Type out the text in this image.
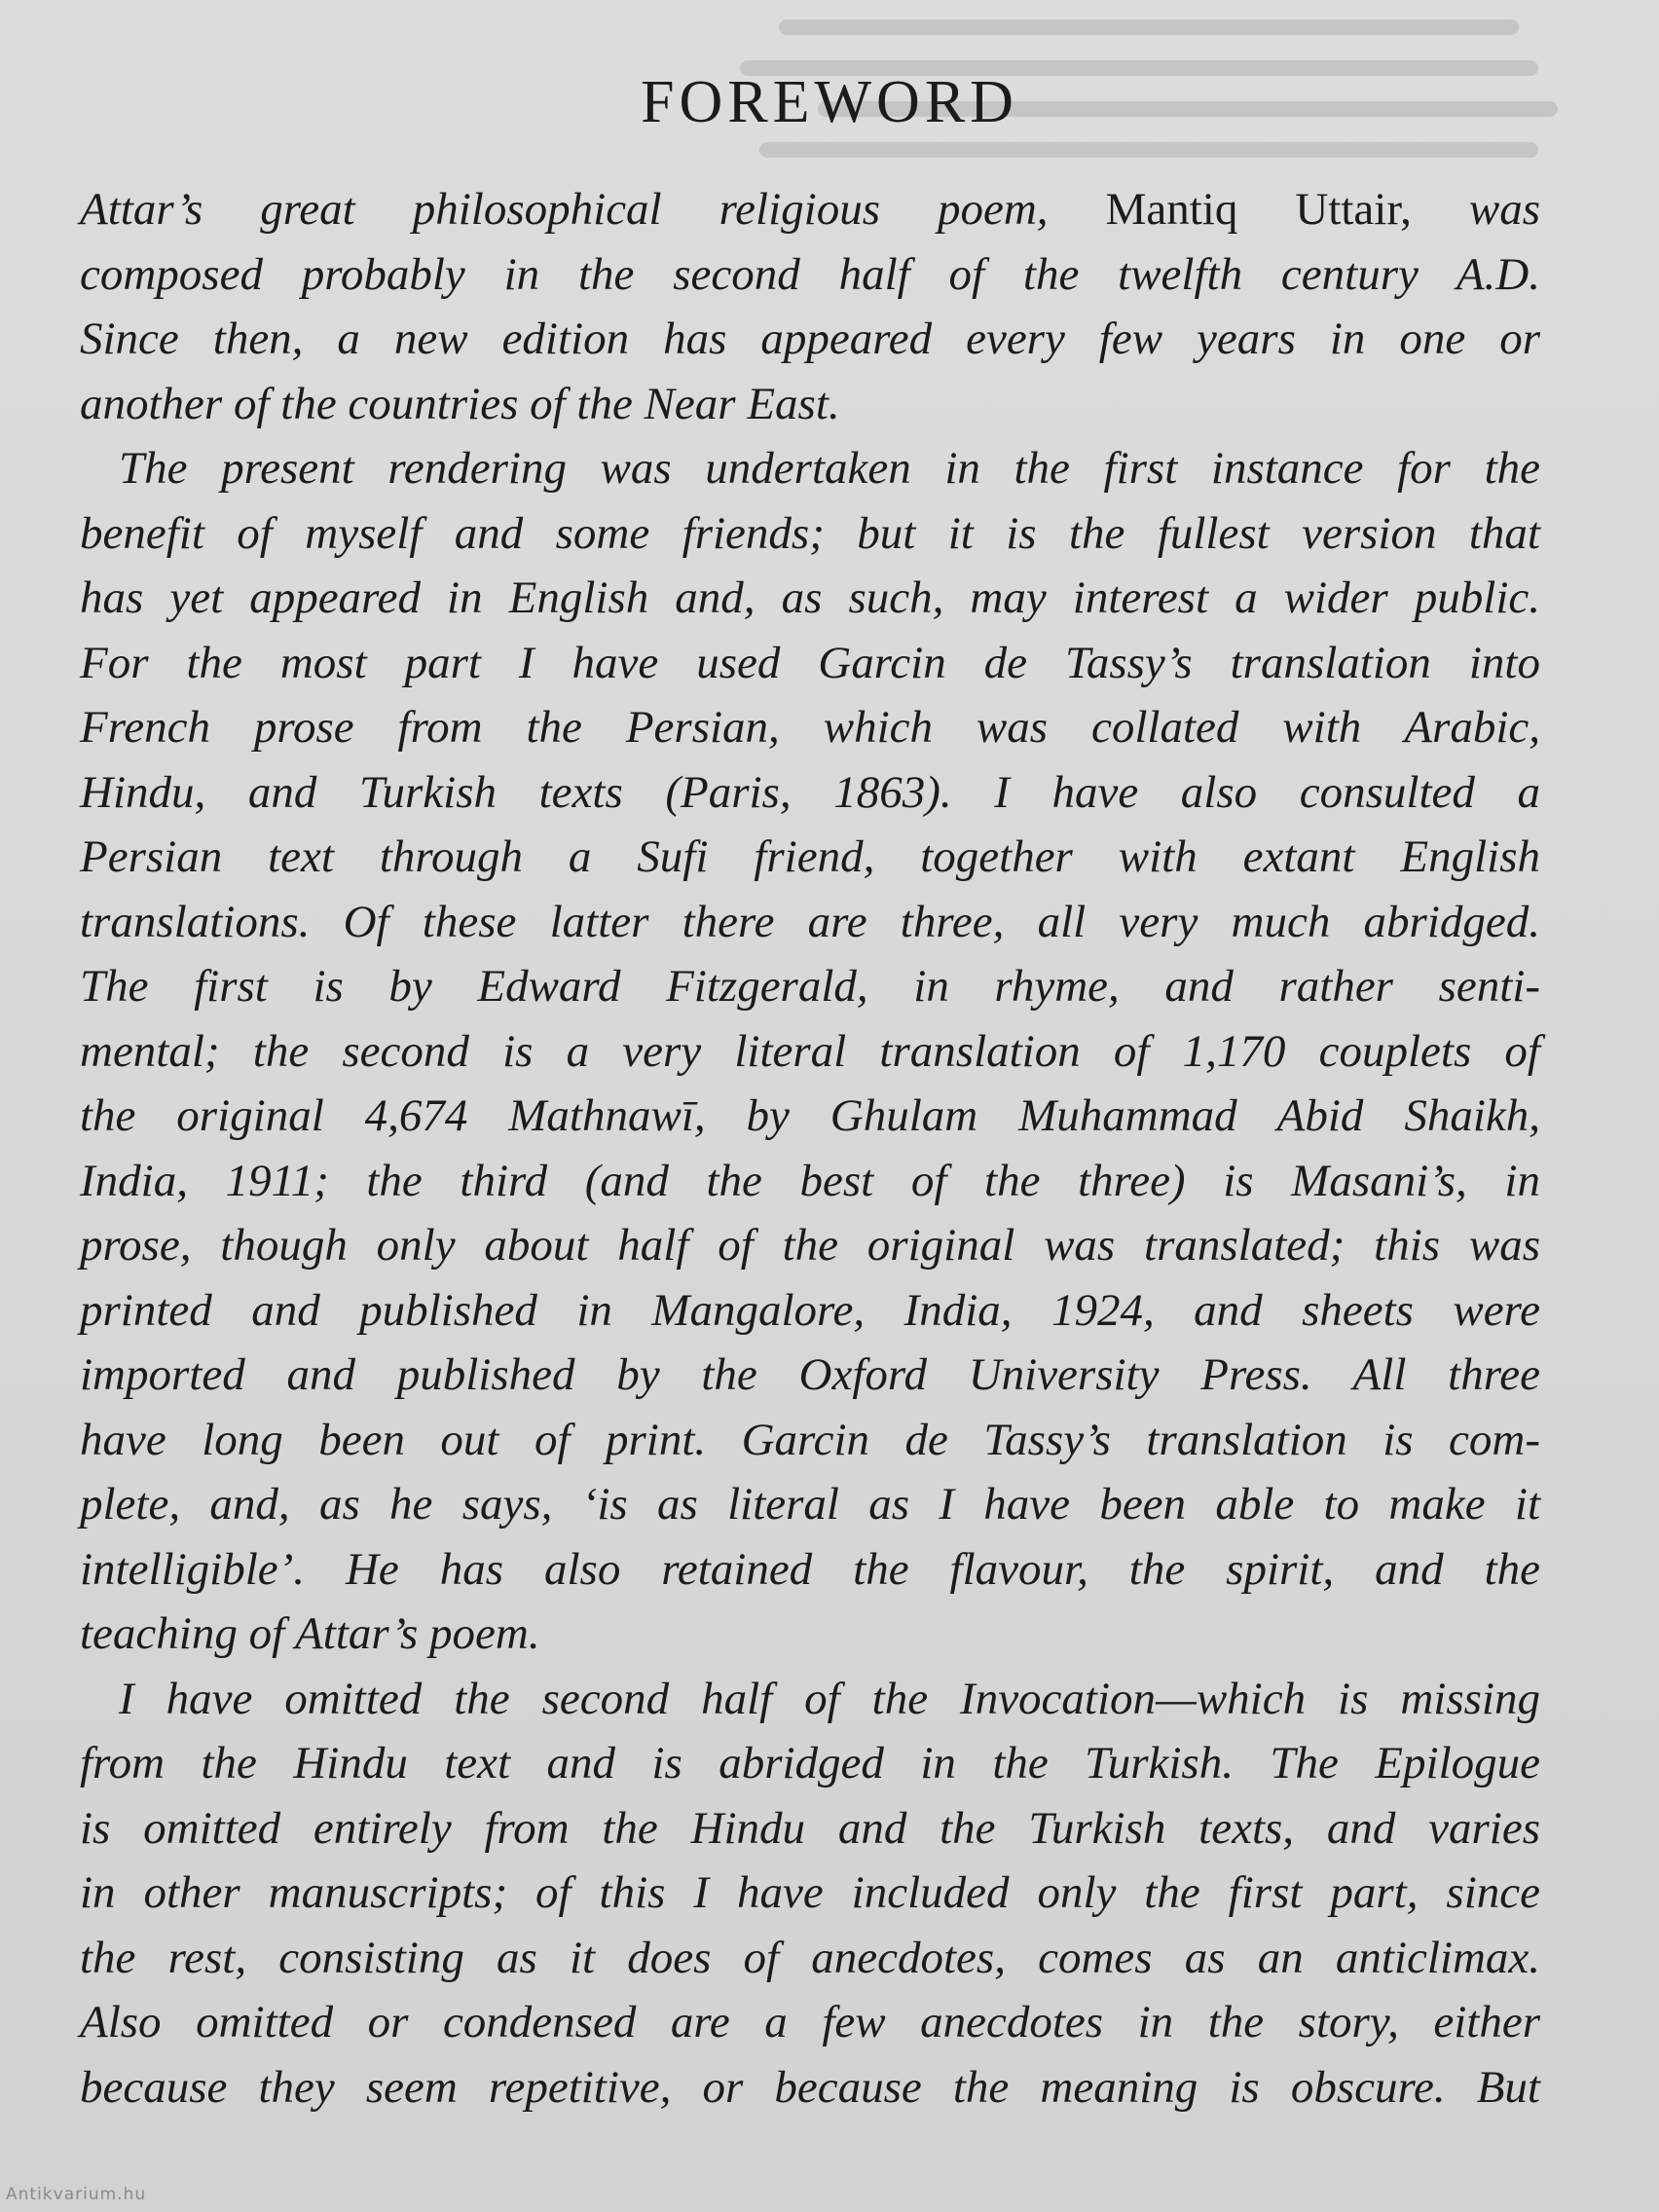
FOREWORD
Attar’s great philosophical religious poem, Mantiq Uttair, was
composed probably in the second half of the twelfth century A.D.
Since then, a new edition has appeared every few years in one or
another of the countries of the Near East.
The present rendering was undertaken in the first instance for the
benefit of myself and some friends; but it is the fullest version that
has yet appeared in English and, as such, may interest a wider public.
For the most part I have used Garcin de Tassy’s translation into
French prose from the Persian, which was collated with Arabic,
Hindu, and Turkish texts (Paris, 1863). I have also consulted a
Persian text through a Sufi friend, together with extant English
translations. Of these latter there are three, all very much abridged.
The first is by Edward Fitzgerald, in rhyme, and rather senti-
mental; the second is a very literal translation of 1,170 couplets of
the original 4,674 Mathnawī, by Ghulam Muhammad Abid Shaikh,
India, 1911; the third (and the best of the three) is Masani’s, in
prose, though only about half of the original was translated; this was
printed and published in Mangalore, India, 1924, and sheets were
imported and published by the Oxford University Press. All three
have long been out of print. Garcin de Tassy’s translation is com-
plete, and, as he says, ‘is as literal as I have been able to make it
intelligible’. He has also retained the flavour, the spirit, and the
teaching of Attar’s poem.
I have omitted the second half of the Invocation—which is missing
from the Hindu text and is abridged in the Turkish. The Epilogue
is omitted entirely from the Hindu and the Turkish texts, and varies
in other manuscripts; of this I have included only the first part, since
the rest, consisting as it does of anecdotes, comes as an anticlimax.
Also omitted or condensed are a few anecdotes in the story, either
because they seem repetitive, or because the meaning is obscure. But
Antikvarium.hu
